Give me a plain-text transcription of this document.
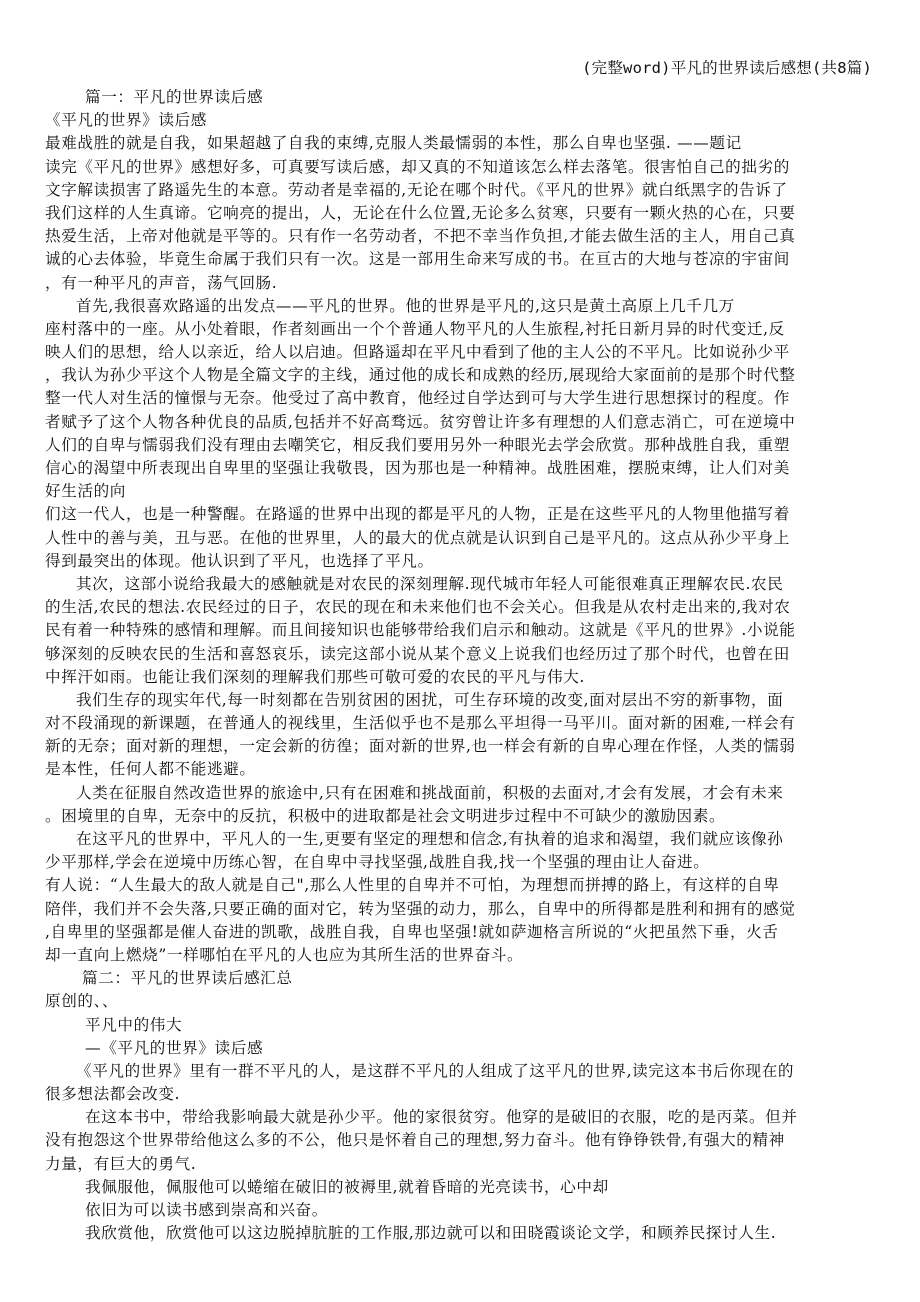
(完整word)平凡的世界读后感想(共8篇)
篇一：平凡的世界读后感
《平凡的世界》读后感
最难战胜的就是自我，如果超越了自我的束缚,克服人类最懦弱的本性，那么自卑也坚强. ——题记
读完《平凡的世界》感想好多，可真要写读后感，却又真的不知道该怎么样去落笔。很害怕自己的拙劣的
文字解读损害了路遥先生的本意。劳动者是幸福的,无论在哪个时代。《平凡的世界》就白纸黑字的告诉了
我们这样的人生真谛。它响亮的提出，人，无论在什么位置,无论多么贫寒，只要有一颗火热的心在，只要
热爱生活，上帝对他就是平等的。只有作一名劳动者，不把不幸当作负担,才能去做生活的主人，用自己真
诚的心去体验，毕竟生命属于我们只有一次。这是一部用生命来写成的书。在亘古的大地与苍凉的宇宙间
，有一种平凡的声音，荡气回肠.
首先,我很喜欢路遥的出发点——平凡的世界。他的世界是平凡的,这只是黄土高原上几千几万
座村落中的一座。从小处着眼，作者刻画出一个个普通人物平凡的人生旅程,衬托日新月异的时代变迁,反
映人们的思想，给人以亲近，给人以启迪。但路遥却在平凡中看到了他的主人公的不平凡。比如说孙少平
，我认为孙少平这个人物是全篇文字的主线，通过他的成长和成熟的经历,展现给大家面前的是那个时代整
整一代人对生活的憧憬与无奈。他受过了高中教育，他经过自学达到可与大学生进行思想探讨的程度。作
者赋予了这个人物各种优良的品质,包括并不好高骛远。贫穷曾让许多有理想的人们意志消亡，可在逆境中
人们的自卑与懦弱我们没有理由去嘲笑它，相反我们要用另外一种眼光去学会欣赏。那种战胜自我，重塑
信心的渴望中所表现出自卑里的坚强让我敬畏，因为那也是一种精神。战胜困难，摆脱束缚，让人们对美
好生活的向
们这一代人，也是一种警醒。在路遥的世界中出现的都是平凡的人物，正是在这些平凡的人物里他描写着
人性中的善与美，丑与恶。在他的世界里，人的最大的优点就是认识到自己是平凡的。这点从孙少平身上
得到最突出的体现。他认识到了平凡，也选择了平凡。
其次，这部小说给我最大的感触就是对农民的深刻理解.现代城市年轻人可能很难真正理解农民.农民
的生活,农民的想法.农民经过的日子，农民的现在和未来他们也不会关心。但我是从农村走出来的,我对农
民有着一种特殊的感情和理解。而且间接知识也能够带给我们启示和触动。这就是《平凡的世界》.小说能
够深刻的反映农民的生活和喜怒哀乐，读完这部小说从某个意义上说我们也经历过了那个时代，也曾在田
中挥汗如雨。也能让我们深刻的理解我们那些可敬可爱的农民的平凡与伟大.
我们生存的现实年代,每一时刻都在告别贫困的困扰，可生存环境的改变,面对层出不穷的新事物，面
对不段涌现的新课题，在普通人的视线里，生活似乎也不是那么平坦得一马平川。面对新的困难,一样会有
新的无奈；面对新的理想，一定会新的彷徨；面对新的世界,也一样会有新的自卑心理在作怪，人类的懦弱
是本性，任何人都不能逃避。
人类在征服自然改造世界的旅途中,只有在困难和挑战面前，积极的去面对,才会有发展，才会有未来
。困境里的自卑，无奈中的反抗，积极中的进取都是社会文明进步过程中不可缺少的激励因素。
在这平凡的世界中，平凡人的一生,更要有坚定的理想和信念,有执着的追求和渴望，我们就应该像孙
少平那样,学会在逆境中历练心智，在自卑中寻找坚强,战胜自我,找一个坚强的理由让人奋进。
有人说：“人生最大的敌人就是自己",那么人性里的自卑并不可怕，为理想而拼搏的路上，有这样的自卑
陪伴，我们并不会失落,只要正确的面对它，转为坚强的动力，那么，自卑中的所得都是胜利和拥有的感觉
,自卑里的坚强都是催人奋进的凯歌，战胜自我，自卑也坚强!就如萨迦格言所说的“火把虽然下垂，火舌
却一直向上燃烧”一样哪怕在平凡的人也应为其所生活的世界奋斗。
篇二：平凡的世界读后感汇总
原创的、、
平凡中的伟大
—《平凡的世界》读后感
《平凡的世界》里有一群不平凡的人，是这群不平凡的人组成了这平凡的世界,读完这本书后你现在的
很多想法都会改变.
在这本书中，带给我影响最大就是孙少平。他的家很贫穷。他穿的是破旧的衣服，吃的是丙菜。但并
没有抱怨这个世界带给他这么多的不公，他只是怀着自己的理想,努力奋斗。他有铮铮铁骨,有强大的精神
力量，有巨大的勇气.
我佩服他，佩服他可以蜷缩在破旧的被褥里,就着昏暗的光亮读书，心中却
依旧为可以读书感到崇高和兴奋。
我欣赏他，欣赏他可以这边脱掉肮脏的工作服,那边就可以和田晓霞谈论文学，和顾养民探讨人生.
